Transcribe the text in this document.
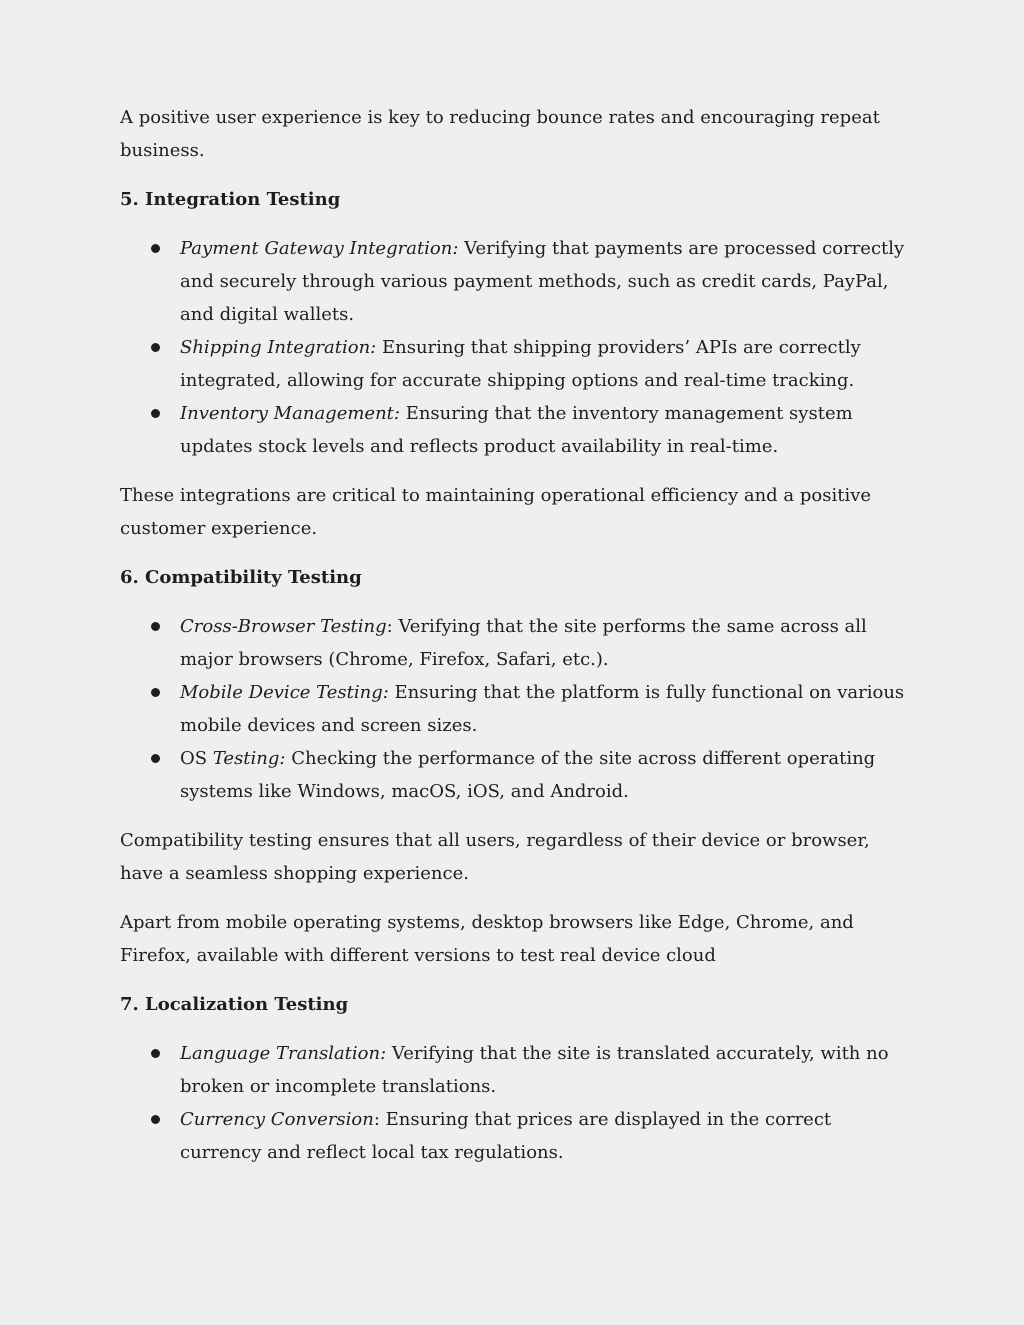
A positive user experience is key to reducing bounce rates and encouraging repeat business.

5. Integration Testing
Payment Gateway Integration: Verifying that payments are processed correctly and securely through various payment methods, such as credit cards, PayPal, and digital wallets.
Shipping Integration: Ensuring that shipping providers’ APIs are correctly integrated, allowing for accurate shipping options and real-time tracking.
Inventory Management: Ensuring that the inventory management system updates stock levels and reflects product availability in real-time.

These integrations are critical to maintaining operational efficiency and a positive customer experience.

6. Compatibility Testing
Cross-Browser Testing: Verifying that the site performs the same across all major browsers (Chrome, Firefox, Safari, etc.).
Mobile Device Testing: Ensuring that the platform is fully functional on various mobile devices and screen sizes.
OS Testing: Checking the performance of the site across different operating systems like Windows, macOS, iOS, and Android.

Compatibility testing ensures that all users, regardless of their device or browser, have a seamless shopping experience.

Apart from mobile operating systems, desktop browsers like Edge, Chrome, and Firefox, available with different versions to test real device cloud

7. Localization Testing
Language Translation: Verifying that the site is translated accurately, with no broken or incomplete translations.
Currency Conversion: Ensuring that prices are displayed in the correct currency and reflect local tax regulations.
